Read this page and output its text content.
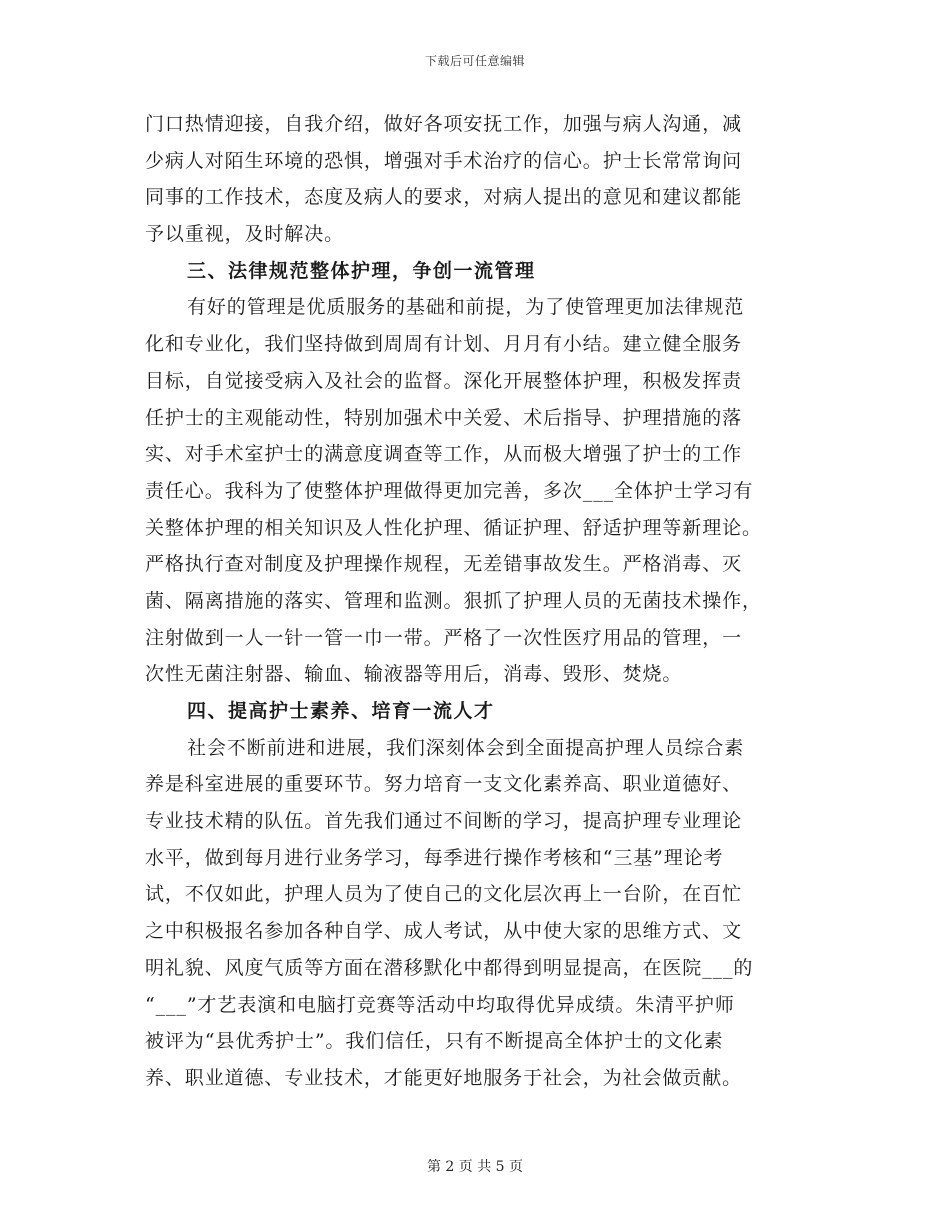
下载后可任意编辑
门口热情迎接，自我介绍，做好各项安抚工作，加强与病人沟通，减
少病人对陌生环境的恐惧，增强对手术治疗的信心。护士长常常询问
同事的工作技术，态度及病人的要求，对病人提出的意见和建议都能
予以重视，及时解决。
三、法律规范整体护理，争创一流管理
有好的管理是优质服务的基础和前提，为了使管理更加法律规范
化和专业化，我们坚持做到周周有计划、月月有小结。建立健全服务
目标，自觉接受病入及社会的监督。深化开展整体护理，积极发挥责
任护士的主观能动性，特别加强术中关爱、术后指导、护理措施的落
实、对手术室护士的满意度调查等工作，从而极大增强了护士的工作
责任心。我科为了使整体护理做得更加完善，多次___全体护士学习有
关整体护理的相关知识及人性化护理、循证护理、舒适护理等新理论。
严格执行查对制度及护理操作规程，无差错事故发生。严格消毒、灭
菌、隔离措施的落实、管理和监测。狠抓了护理人员的无菌技术操作，
注射做到一人一针一管一巾一带。严格了一次性医疗用品的管理，一
次性无菌注射器、输血、输液器等用后，消毒、毁形、焚烧。
四、提高护士素养、培育一流人才
社会不断前进和进展，我们深刻体会到全面提高护理人员综合素
养是科室进展的重要环节。努力培育一支文化素养高、职业道德好、
专业技术精的队伍。首先我们通过不间断的学习，提高护理专业理论
水平，做到每月进行业务学习，每季进行操作考核和“三基”理论考
试，不仅如此，护理人员为了使自己的文化层次再上一台阶，在百忙
之中积极报名参加各种自学、成人考试，从中使大家的思维方式、文
明礼貌、风度气质等方面在潜移默化中都得到明显提高，在医院___的
“___”才艺表演和电脑打竞赛等活动中均取得优异成绩。朱清平护师
被评为“县优秀护士”。我们信任，只有不断提高全体护士的文化素
养、职业道德、专业技术，才能更好地服务于社会，为社会做贡献。
第 2 页 共 5 页
